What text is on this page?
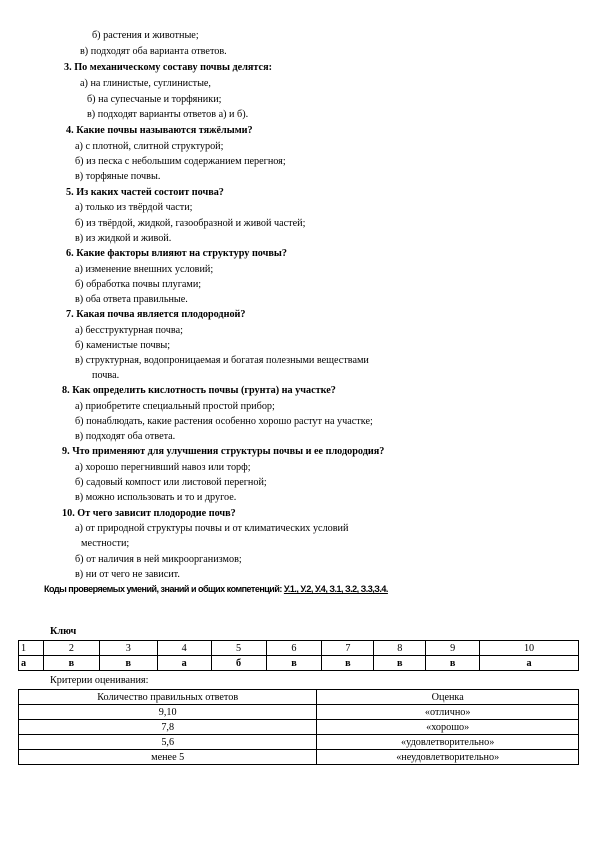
б) растения и животные;
в) подходят оба варианта ответов.
3. По механическому составу почвы делятся:
а) на глинистые, суглинистые,
б) на супесчаные и торфяники;
в) подходят варианты ответов а) и б).
4. Какие почвы называются тяжёлыми?
а) с плотной, слитной структурой;
б) из песка с небольшим содержанием перегноя;
в) торфяные почвы.
5. Из каких частей состоит почва?
а) только из твёрдой части;
б) из твёрдой, жидкой, газообразной и живой частей;
в) из жидкой и живой.
6. Какие факторы влияют на структуру почвы?
а) изменение внешних условий;
б) обработка почвы плугами;
в) оба ответа правильные.
7. Какая почва является плодородной?
а) бесструктурная почва;
б) каменистые почвы;
в) структурная, водопроницаемая и богатая полезными веществами
почва.
8. Как определить кислотность почвы (грунта) на участке?
а) приобретите специальный простой прибор;
б) понаблюдать, какие растения особенно хорошо растут на участке;
в) подходят оба ответа.
9. Что применяют для улучшения структуры почвы и ее плодородия?
а) хорошо перегнивший навоз или торф;
б) садовый компост или листовой перегной;
в) можно использовать и то и другое.
10. От чего зависит плодородие почв?
а) от природной структуры почвы и от климатических условий
местности;
б) от наличия в ней микроорганизмов;
в) ни от чего не зависит.
Коды проверяемых умений, знаний и общих компетенций: У.1., У.2, У.4, З.1, З.2, З.3,З.4.
Ключ
1	2	3	4	5	6	7	8	9	10
а	в	в	а	б	в	в	в	в	а
Критерии оценивания:
Количество правильных ответов	Оценка
9,10	«отлично»
7,8	«хорошо»
5,6	«удовлетворительно»
менее 5	«неудовлетворительно»
